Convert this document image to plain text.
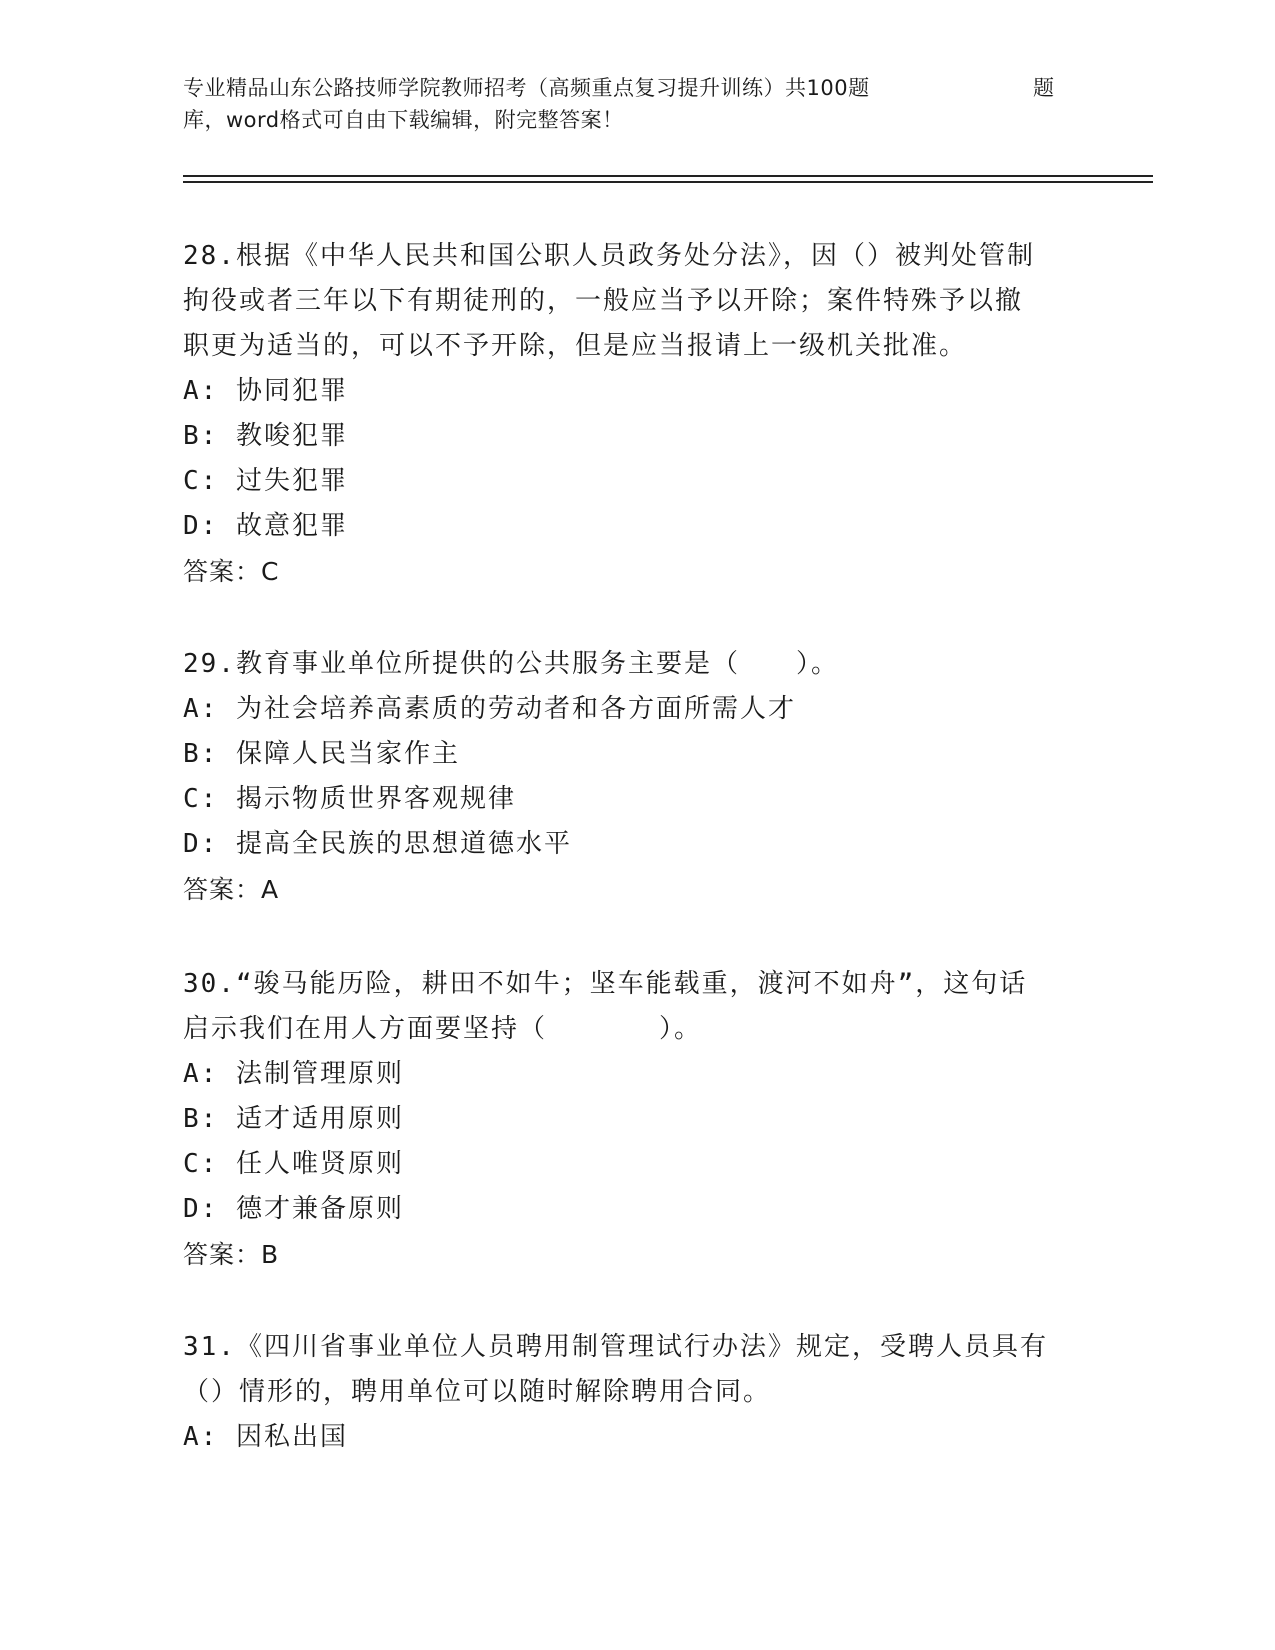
专业精品山东公路技师学院教师招考（高频重点复习提升训练）共100题	题
库，word格式可自由下载编辑，附完整答案！
28.根据《中华人民共和国公职人员政务处分法》，因（）被判处管制
拘役或者三年以下有期徒刑的，一般应当予以开除；案件特殊予以撤
职更为适当的，可以不予开除，但是应当报请上一级机关批准。
A: 协同犯罪
B: 教唆犯罪
C: 过失犯罪
D: 故意犯罪
答案：C
29.教育事业单位所提供的公共服务主要是（　　）。
A: 为社会培养高素质的劳动者和各方面所需人才
B: 保障人民当家作主
C: 揭示物质世界客观规律
D: 提高全民族的思想道德水平
答案：A
30.“骏马能历险，耕田不如牛；坚车能载重，渡河不如舟”，这句话
启示我们在用人方面要坚持（　　　　）。
A: 法制管理原则
B: 适才适用原则
C: 任人唯贤原则
D: 德才兼备原则
答案：B
31.《四川省事业单位人员聘用制管理试行办法》规定，受聘人员具有
（）情形的，聘用单位可以随时解除聘用合同。
A: 因私出国
